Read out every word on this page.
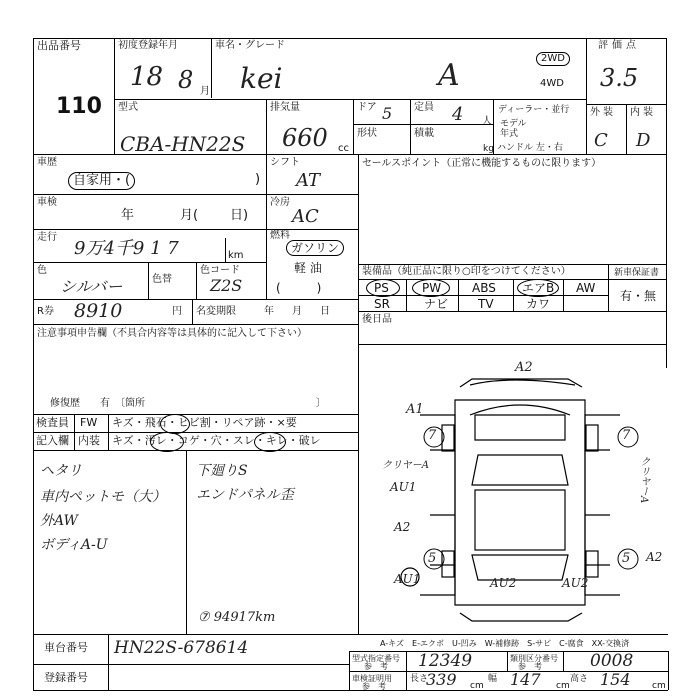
出品番号
110
初度登録年月
18 8 月
車名・グレード
kei	A	2WD
4WD
評価点
3.5
型式
CBA-HN22S
排気量
660 cc
ドア 5 定員 4 人
ディーラー・並行
モデル
年式
形状	積載
kg ハンドル 左・右
外装 内装
C D
車歴
自家用・(	)
車検
年	月( 日)
走行
9万4千9 1 7	km
色
シルバー	色替
色コード
Z2S
シフト
AT
冷房
AC
燃料
ガソリン
軽 油
(　　　)
R券 8910	円 名変期限	年　月　日
セールスポイント（正常に機能するものに限ります）
装備品（純正品に限り○印をつけてください）	新車保証書
有・無
PS	PW	ABS エアB AW
SR	ナビ TV	カワ
後日品
注意事項申告欄（不具合内容等は具体的に記入して下さい）
修復歴　　有　〔箇所	〕
検査員 FW キズ・飛石・ヒビ割・リペア跡・×要
記入欄 内装 キズ・汚レ・コゲ・穴・スレ・キレ・破レ
ヘタリ
車内ペットモ（大）
外AW
ボディA-U
下廻りS
エンドパネル歪
⑦ 94917km
A2
A1
7	7
クリヤーA	クリヤーA
AU1
A2
5	5 A2
AU1	AU2	AU2
A-キズ　E-エクボ　U-凹み　W-補修跡　S-サビ　C-腐食　XX-交換済
車台番号 HN22S-678614
登録番号
型式指定番号
参　考 12349	類別区分番号
参　考	0008
車検証明用
参　考
長さ
339 cm
幅 147 cm
高さ 154 cm
